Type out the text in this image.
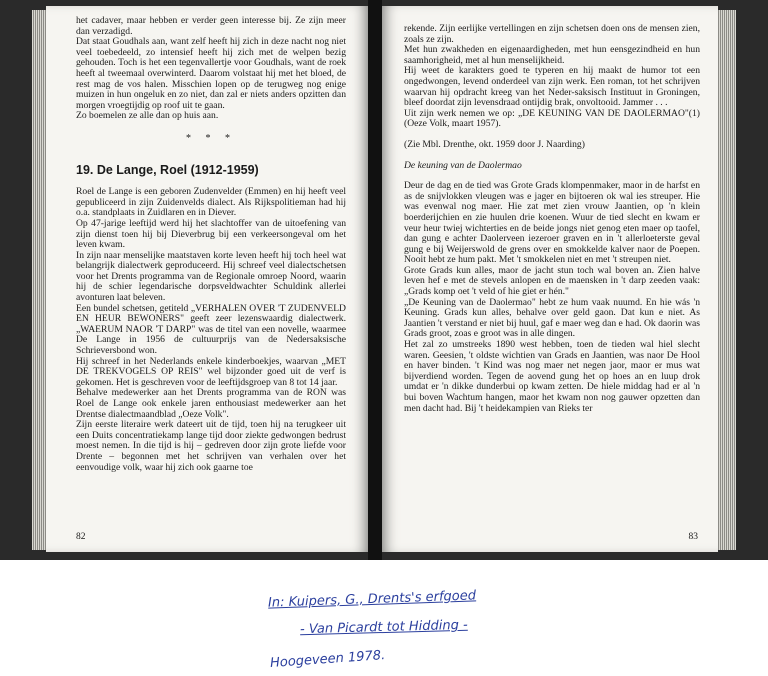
het cadaver, maar hebben er verder geen interesse bij. Ze zijn meer dan verzadigd.

Dat staat Goudhals aan, want zelf heeft hij zich in deze nacht nog niet veel toebedeeld, zo intensief heeft hij zich met de welpen bezig gehouden. Toch is het een tegenvallertje voor Goudhals, want de roek heeft al tweemaal overwinterd. Daarom volstaat hij met het bloed, de rest mag de vos halen. Misschien lopen op de terugweg nog enige muizen in hun ongeluk en zo niet, dan zal er niets anders opzitten dan morgen vroegtijdig op roof uit te gaan.

Zo boemelen ze alle dan op huis aan.

* * *
19. De Lange, Roel (1912-1959)

Roel de Lange is een geboren Zudenvelder (Emmen) en hij heeft veel gepubliceerd in zijn Zuidenvelds dialect. Als Rijkspolitieman had hij o.a. standplaats in Zuidlaren en in Diever.

Op 47-jarige leeftijd werd hij het slachtoffer van de uitoefening van zijn dienst toen hij bij Dieverbrug bij een verkeersongeval om het leven kwam.

In zijn naar menselijke maatstaven korte leven heeft hij toch heel wat belangrijk dialectwerk geproduceerd. Hij schreef veel dialectschetsen voor het Drents programma van de Regionale omroep Noord, waarin hij de schier legendarische dorpsveldwachter Schuldink allerlei avonturen laat beleven.

Een bundel schetsen, getiteld „VERHALEN OVER 'T ZUDENVELD EN HEUR BEWONERS" geeft zeer lezenswaardig dialectwerk. „WAERUM NAOR 'T DARP" was de titel van een novelle, waarmee De Lange in 1956 de cultuurprijs van de Nedersaksische Schrieversbond won.

Hij schreef in het Nederlands enkele kinderboekjes, waarvan „MET DE TREKVOGELS OP REIS" wel bijzonder goed uit de verf is gekomen. Het is geschreven voor de leeftijdsgroep van 8 tot 14 jaar.

Behalve medewerker aan het Drents programma van de RON was Roel de Lange ook enkele jaren enthousiast medewerker aan het Drentse dialectmaandblad „Oeze Volk".

Zijn eerste literaire werk dateert uit de tijd, toen hij na terugkeer uit een Duits concentratiekamp lange tijd door ziekte gedwongen bedrust moest nemen. In die tijd is hij – gedreven door zijn grote liefde voor Drente – begonnen met het schrijven van verhalen over het eenvoudige volk, waar hij zich ook gaarne toe

82

rekende. Zijn eerlijke vertellingen en zijn schetsen doen ons de mensen zien, zoals ze zijn.

Met hun zwakheden en eigenaardigheden, met hun eensgezindheid en hun saamhorigheid, met al hun menselijkheid.

Hij weet de karakters goed te typeren en hij maakt de humor tot een ongedwongen, levend onderdeel van zijn werk. Een roman, tot het schrijven waarvan hij opdracht kreeg van het Neder-saksisch Instituut in Groningen, bleef doordat zijn levensdraad ontijdig brak, onvoltooid. Jammer . . .

Uit zijn werk nemen we op: „DE KEUNING VAN DE DAOLERMAO"(1) (Oeze Volk, maart 1957).

(Zie Mbl. Drenthe, okt. 1959 door J. Naarding)

De keuning van de Daolermao

Deur de dag en de tied was Grote Grads klompenmaker, maor in de harfst en as de snijvlokken vleugen was e jager en bijtoeren ok wal ies streuper. Hie was evenwal nog maer. Hie zat met zien vrouw Jaantien, op 'n klein boerderijchien en zie huulen drie koenen. Wuur de tied slecht en kwam er veur heur twiej wichterties en de beide jongs niet genog eten maer op taofel, dan gung e achter Daolerveen iezeroer graven en in 't allerloeterste geval gung e bij Weijerswold de grens over en smokkelde kalver naor de Poepen. Nooit hebt ze hum pakt. Met 't smokkelen niet en met 't streupen niet.

Grote Grads kun alles, maor de jacht stun toch wal boven an. Zien halve leven hef e met de stevels anlopen en de maensken in 't darp zeeden vaak: „Grads komp oet 't veld of hie giet er hén."

„De Keuning van de Daolermao" hebt ze hum vaak nuumd. En hie wás 'n Keuning. Grads kun alles, behalve over geld gaon. Dat kun e niet. As Jaantien 't verstand er niet bij huul, gaf e maer weg dan e had. Ok daorin was Grads groot, zoas e groot was in alle dingen.

Het zal zo umstreeks 1890 west hebben, toen de tieden wal hiel slecht waren. Geesien, 't oldste wichtien van Grads en Jaantien, was naor De Hool en haver binden. 't Kind was nog maer net negen jaor, maor er mus wat bijverdiend worden. Tegen de aovend gung het op hoes an en luup drok umdat er 'n dikke dunderbui op kwam zetten. De hiele middag had er al 'n bui boven Wachtum hangen, maor het kwam non nog gauwer opzetten dan men dacht had. Bij 't heidekampien van Rieks ter

83
In: Kuipers, G., Drents's erfgoed
- Van Picardt tot Hidding -
Hoogeveen 1978.
